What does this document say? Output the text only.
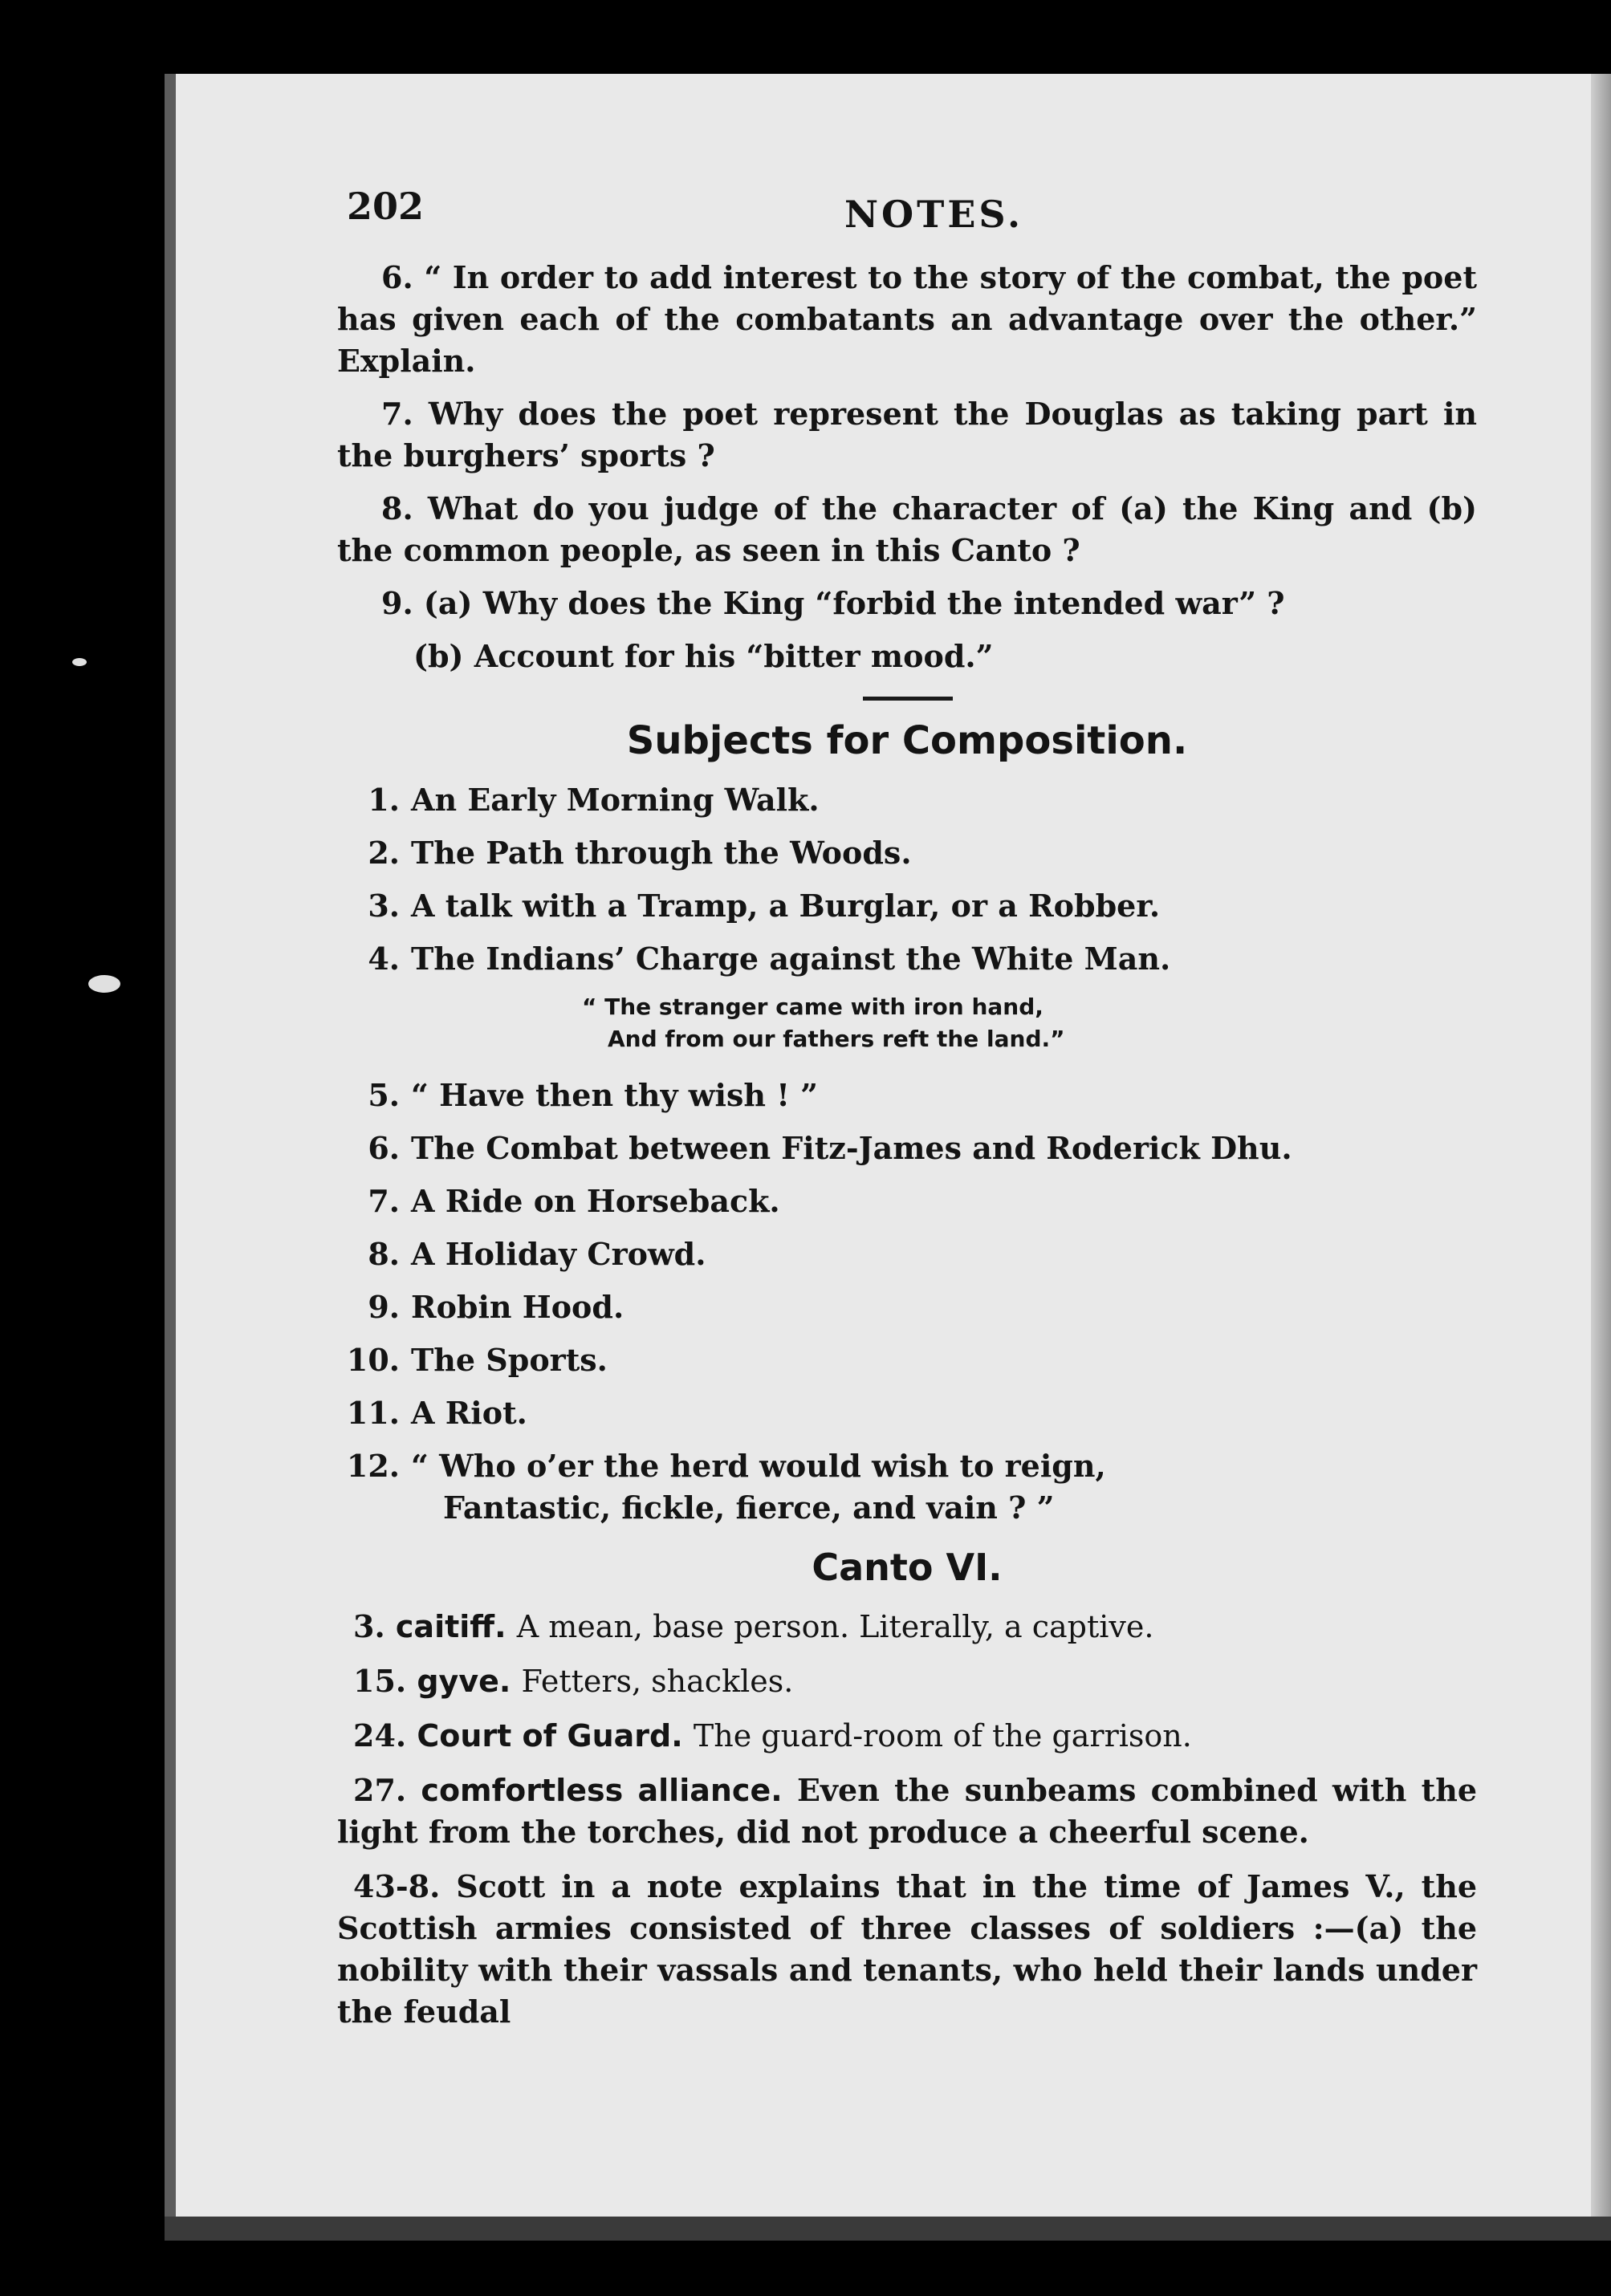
202	NOTES.

6. “ In order to add interest to the story of the combat, the poet has given each of the combatants an advantage over the other.” Explain.

7. Why does the poet represent the Douglas as taking part in the burghers’ sports ?

8. What do you judge of the character of (a) the King and (b) the common people, as seen in this Canto ?

9. (a) Why does the King “forbid the intended war” ?

(b) Account for his “bitter mood.”

Subjects for Composition.
1. An Early Morning Walk.
2. The Path through the Woods.
3. A talk with a Tramp, a Burglar, or a Robber.
4. The Indians’ Charge against the White Man.
“ The stranger came with iron hand,
And from our fathers reft the land.”
5. “ Have then thy wish ! ”
6. The Combat between Fitz-James and Roderick Dhu.
7. A Ride on Horseback.
8. A Holiday Crowd.
9. Robin Hood.
10. The Sports.
11. A Riot.
12. “ Who o’er the herd would wish to reign,
Fantastic, fickle, fierce, and vain ? ”
Canto VI.

3. caitiff. A mean, base person. Literally, a captive.

15. gyve. Fetters, shackles.

24. Court of Guard. The guard-room of the garrison.

27. comfortless alliance. Even the sunbeams combined with the light from the torches, did not produce a cheerful scene.

43-8. Scott in a note explains that in the time of James V., the Scottish armies consisted of three classes of soldiers :—(a) the nobility with their vassals and tenants, who held their lands under the feudal
